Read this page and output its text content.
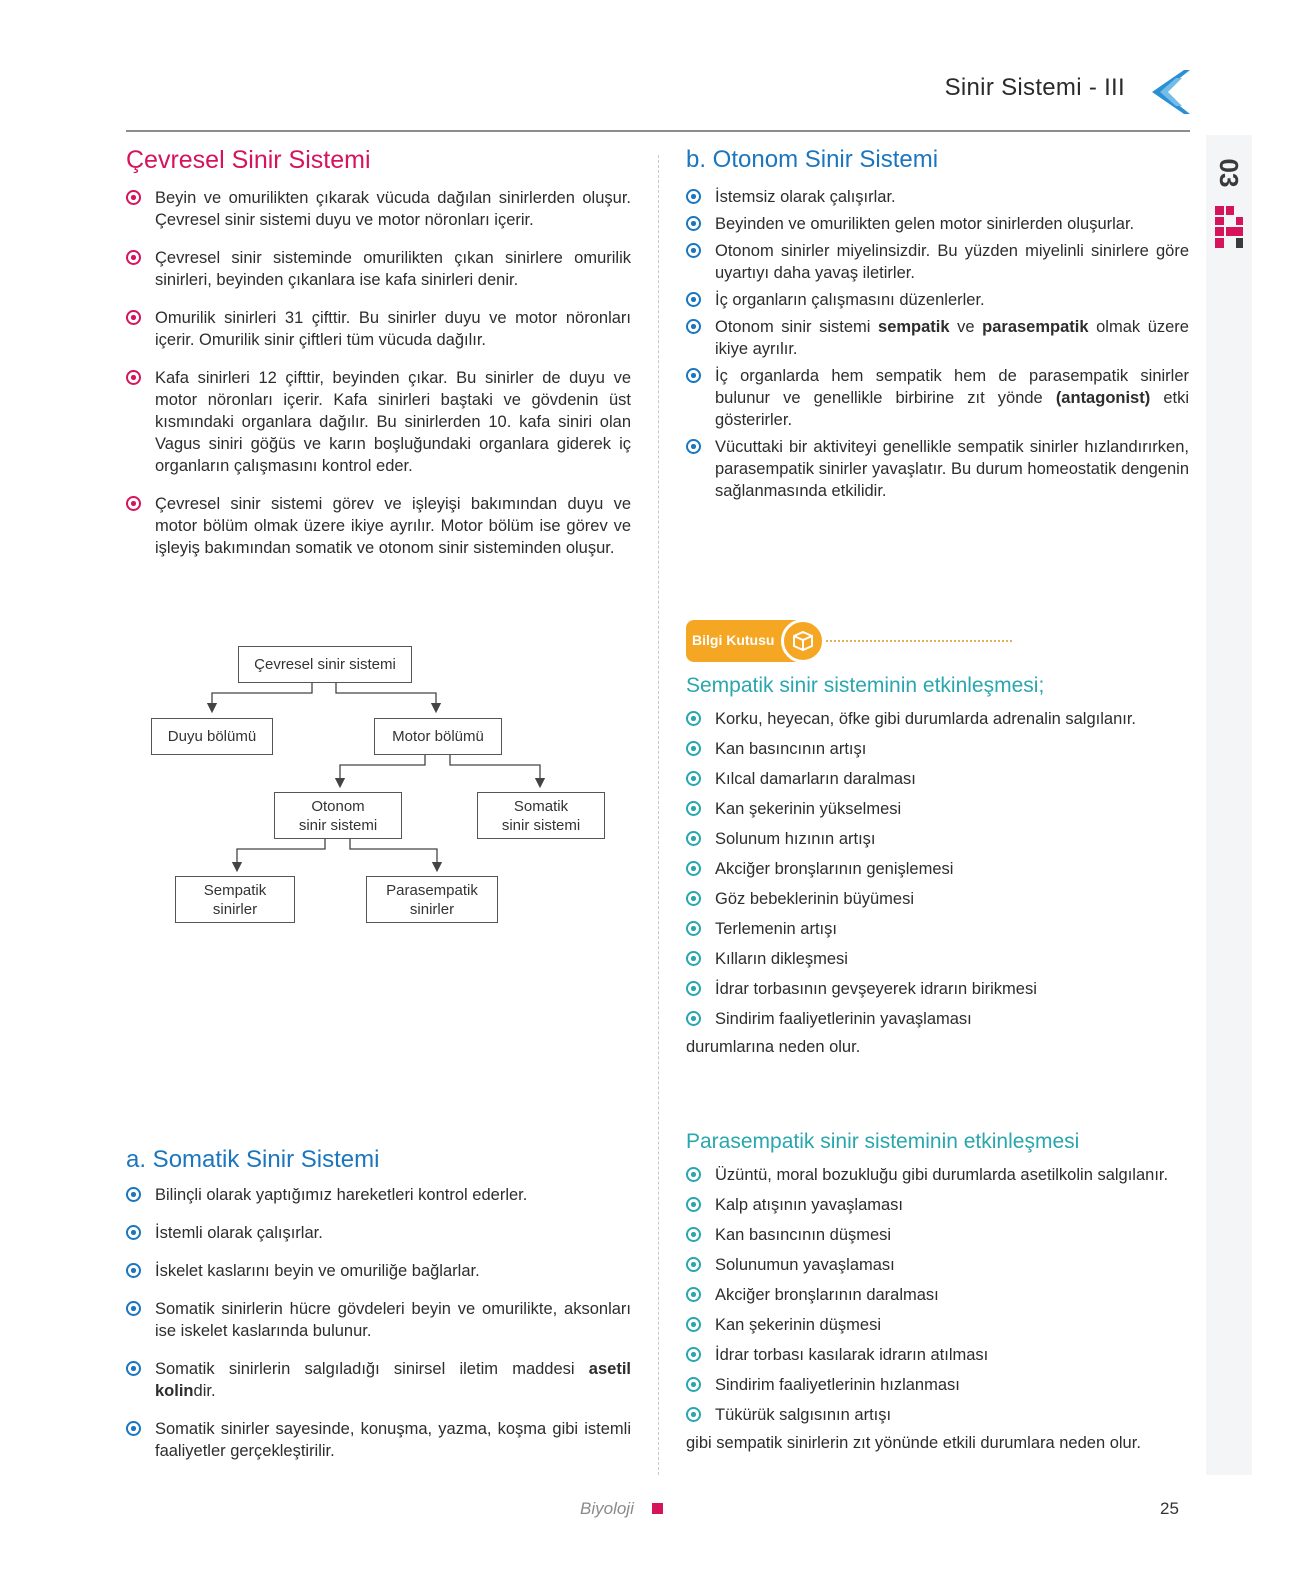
Sinir Sistemi - III
03
Çevresel Sinir Sistemi
Beyin ve omurilikten çıkarak vücuda dağılan sinirlerden oluşur. Çevresel sinir sistemi duyu ve motor nöronları içerir.
Çevresel sinir sisteminde omurilikten çıkan sinirlere omurilik sinirleri, beyinden çıkanlara ise kafa sinirleri denir.
Omurilik sinirleri 31 çifttir. Bu sinirler duyu ve motor nöronları içerir. Omurilik sinir çiftleri tüm vücuda dağılır.
Kafa sinirleri 12 çifttir, beyinden çıkar. Bu sinirler de duyu ve motor nöronları içerir. Kafa sinirleri baştaki ve gövdenin üst kısmındaki organlara dağılır. Bu sinirlerden 10. kafa siniri olan Vagus siniri göğüs ve karın boşluğundaki organlara giderek iç organların çalışmasını kontrol eder.
Çevresel sinir sistemi görev ve işleyişi bakımından duyu ve motor bölüm olmak üzere ikiye ayrılır. Motor bölüm ise görev ve işleyiş bakımından somatik ve otonom sinir sisteminden oluşur.
Çevresel sinir sistemi
Duyu bölümü	Motor bölümü
Otonom
sinir sistemi
Somatik
sinir sistemi
Sempatik
sinirler
Parasempatik
sinirler
a. Somatik Sinir Sistemi
Bilinçli olarak yaptığımız hareketleri kontrol ederler.
İstemli olarak çalışırlar.
İskelet kaslarını beyin ve omuriliğe bağlarlar.
Somatik sinirlerin hücre gövdeleri beyin ve omurilikte, aksonları ise iskelet kaslarında bulunur.
Somatik sinirlerin salgıladığı sinirsel iletim maddesi asetil kolindir.
Somatik sinirler sayesinde, konuşma, yazma, koşma gibi istemli faaliyetler gerçekleştirilir.
b. Otonom Sinir Sistemi
İstemsiz olarak çalışırlar.
Beyinden ve omurilikten gelen motor sinirlerden oluşurlar.
Otonom sinirler miyelinsizdir. Bu yüzden miyelinli sinirlere göre uyartıyı daha yavaş iletirler.
İç organların çalışmasını düzenlerler.
Otonom sinir sistemi sempatik ve parasempatik olmak üzere ikiye ayrılır.
İç organlarda hem sempatik hem de parasempatik sinirler bulunur ve genellikle birbirine zıt yönde (antagonist) etki gösterirler.
Vücuttaki bir aktiviteyi genellikle sempatik sinirler hızlandırırken, parasempatik sinirler yavaşlatır. Bu durum homeostatik dengenin sağlanmasında etkilidir.
Bilgi Kutusu
Sempatik sinir sisteminin etkinleşmesi;
Korku, heyecan, öfke gibi durumlarda adrenalin salgılanır.
Kan basıncının artışı
Kılcal damarların daralması
Kan şekerinin yükselmesi
Solunum hızının artışı
Akciğer bronşlarının genişlemesi
Göz bebeklerinin büyümesi
Terlemenin artışı
Kılların dikleşmesi
İdrar torbasının gevşeyerek idrarın birikmesi
Sindirim faaliyetlerinin yavaşlaması
durumlarına neden olur.
Parasempatik sinir sisteminin etkinleşmesi
Üzüntü, moral bozukluğu gibi durumlarda asetilkolin salgılanır.
Kalp atışının yavaşlaması
Kan basıncının düşmesi
Solunumun yavaşlaması
Akciğer bronşlarının daralması
Kan şekerinin düşmesi
İdrar torbası kasılarak idrarın atılması
Sindirim faaliyetlerinin hızlanması
Tükürük salgısının artışı
gibi sempatik sinirlerin zıt yönünde etkili durumlara neden olur.
Biyoloji	25
